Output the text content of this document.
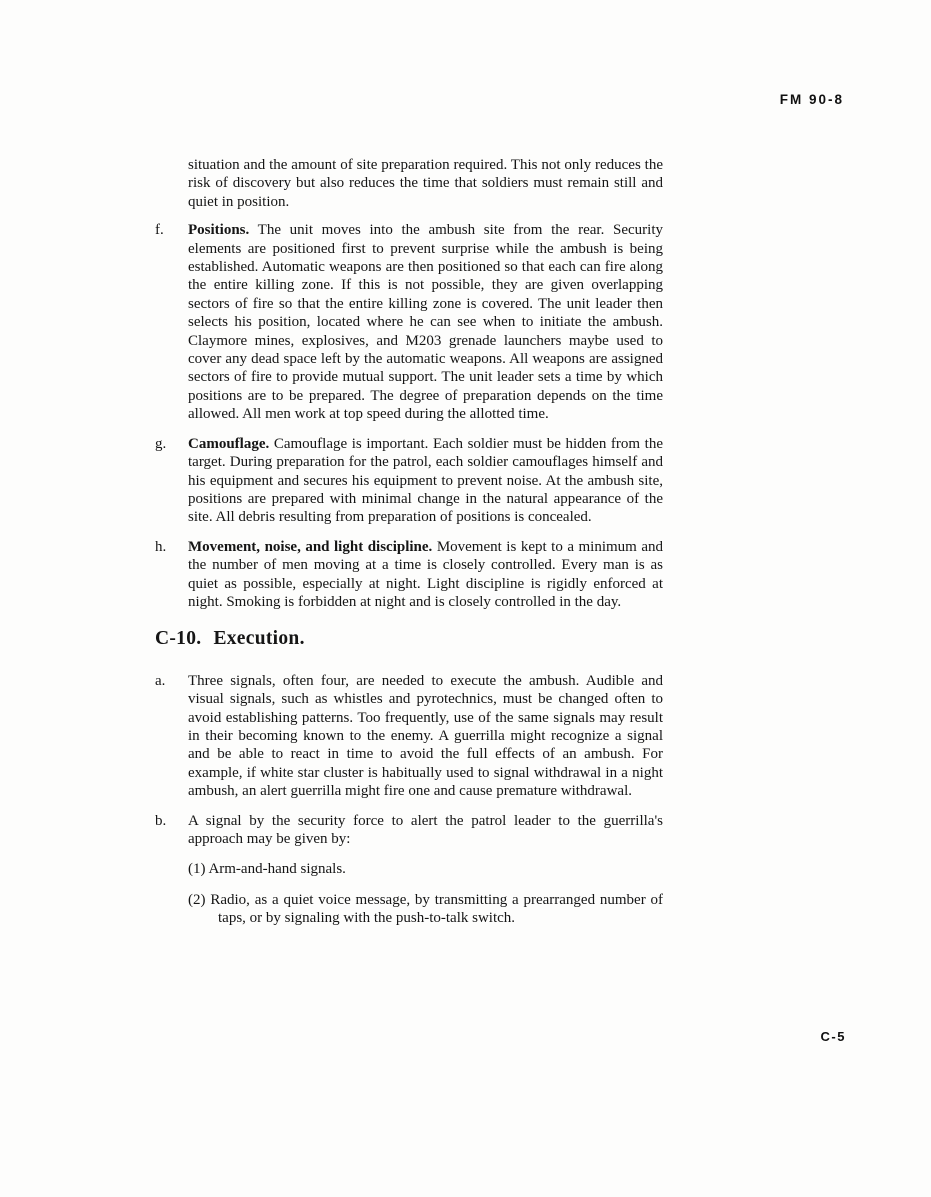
FM 90-8

situation and the amount of site preparation required. This not only reduces the risk of discovery but also reduces the time that soldiers must remain still and quiet in position.

f.	Positions. The unit moves into the ambush site from the rear. Security elements are positioned first to prevent surprise while the ambush is being established. Automatic weapons are then positioned so that each can fire along the entire killing zone. If this is not possible, they are given overlapping sectors of fire so that the entire killing zone is covered. The unit leader then selects his position, located where he can see when to initiate the ambush. Claymore mines, explosives, and M203 grenade launchers maybe used to cover any dead space left by the automatic weapons. All weapons are assigned sectors of fire to provide mutual support. The unit leader sets a time by which positions are to be prepared. The degree of preparation depends on the time allowed. All men work at top speed during the allotted time.

g.	Camouflage. Camouflage is important. Each soldier must be hidden from the target. During preparation for the patrol, each soldier camouflages himself and his equipment and secures his equipment to prevent noise. At the ambush site, positions are prepared with minimal change in the natural appearance of the site. All debris resulting from preparation of positions is concealed.

h.	Movement, noise, and light discipline. Movement is kept to a minimum and the number of men moving at a time is closely controlled. Every man is as quiet as possible, especially at night. Light discipline is rigidly enforced at night. Smoking is forbidden at night and is closely controlled in the day.

C-10. Execution.
a.	Three signals, often four, are needed to execute the ambush. Audible and visual signals, such as whistles and pyrotechnics, must be changed often to avoid establishing patterns. Too frequently, use of the same signals may result in their becoming known to the enemy. A guerrilla might recognize a signal and be able to react in time to avoid the full effects of an ambush. For example, if white star cluster is habitually used to signal withdrawal in a night ambush, an alert guerrilla might fire one and cause premature withdrawal.

b.	A signal by the security force to alert the patrol leader to the guerrilla's approach may be given by:

(1) Arm-and-hand signals.

(2) Radio, as a quiet voice message, by transmitting a prearranged number of taps, or by signaling with the push-to-talk switch.

C-5
